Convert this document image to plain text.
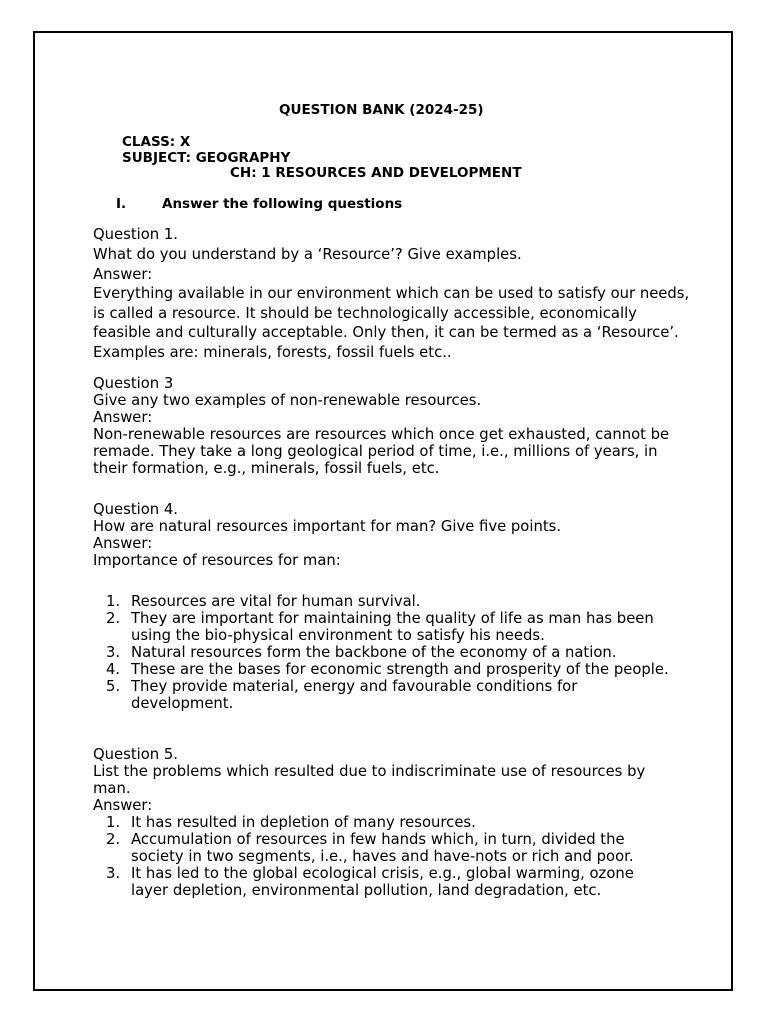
QUESTION BANK (2024-25)
CLASS: X
SUBJECT: GEOGRAPHY
CH: 1 RESOURCES AND DEVELOPMENT
I.	Answer the following questions
Question 1.
What do you understand by a ‘Resource’? Give examples.
Answer:
Everything available in our environment which can be used to satisfy our needs, is called a resource. It should be technologically accessible, economically feasible and culturally acceptable. Only then, it can be termed as a ‘Resource’. Examples are: minerals, forests, fossil fuels etc..
Question 3
Give any two examples of non-renewable resources.
Answer:
Non-renewable resources are resources which once get exhausted, cannot be remade. They take a long geological period of time, i.e., millions of years, in their formation, e.g., minerals, fossil fuels, etc.
Question 4.
How are natural resources important for man? Give five points.
Answer:
Importance of resources for man:
1. Resources are vital for human survival.
2. They are important for maintaining the quality of life as man has been using the bio-physical environment to satisfy his needs.
3. Natural resources form the backbone of the economy of a nation.
4. These are the bases for economic strength and prosperity of the people.
5. They provide material, energy and favourable conditions for development.
Question 5.
List the problems which resulted due to indiscriminate use of resources by man.
Answer:
1. It has resulted in depletion of many resources.
2. Accumulation of resources in few hands which, in turn, divided the society in two segments, i.e., haves and have-nots or rich and poor.
3. It has led to the global ecological crisis, e.g., global warming, ozone layer depletion, environmental pollution, land degradation, etc.
